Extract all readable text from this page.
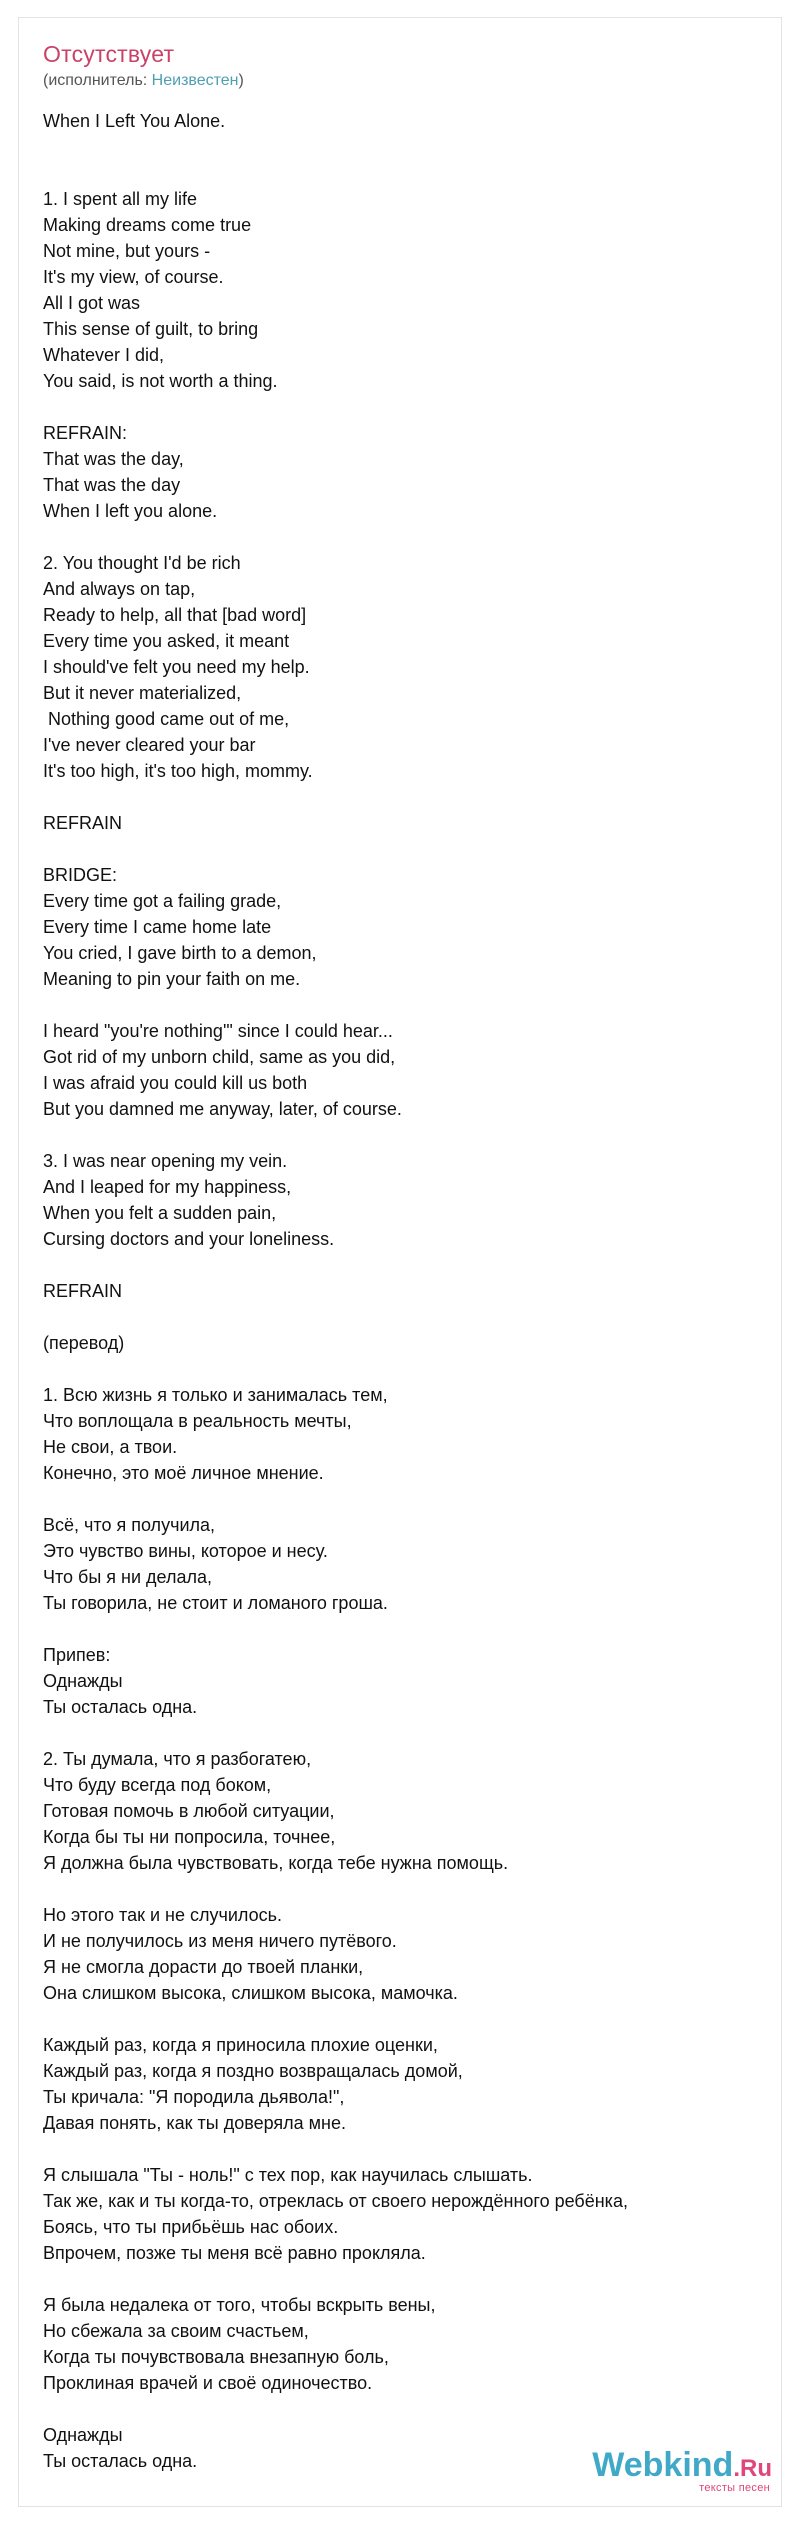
Отсутствует
(исполнитель: Неизвестен)
When I Left You Alone.
1. I spent all my life
Making dreams come true
Not mine, but yours -
It's my view, of course.
All I got was
This sense of guilt, to bring
Whatever I did,
You said, is not worth a thing.
REFRAIN:
That was the day,
That was the day
When I left you alone.
2. You thought I'd be rich
And always on tap,
Ready to help, all that [bad word]
Every time you asked, it meant
I should've felt you need my help.
But it never materialized,
Nothing good came out of me,
I've never cleared your bar
It's too high, it's too high, mommy.
REFRAIN
BRIDGE:
Every time got a failing grade,
Every time I came home late
You cried, I gave birth to a demon,
Meaning to pin your faith on me.
I heard "you're nothing'" since I could hear...
Got rid of my unborn child, same as you did,
I was afraid you could kill us both
But you damned me anyway, later, of course.
3. I was near opening my vein.
And I leaped for my happiness,
When you felt a sudden pain,
Cursing doctors and your loneliness.
REFRAIN
(перевод)
1. Всю жизнь я только и занималась тем,
Что воплощала в реальность мечты,
Не свои, а твои.
Конечно, это моё личное мнение.
Всё, что я получила,
Это чувство вины, которое и несу.
Что бы я ни делала,
Ты говорила, не стоит и ломаного гроша.
Припев:
Однажды
Ты осталась одна.
2. Ты думала, что я разбогатею,
Что буду всегда под боком,
Готовая помочь в любой ситуации,
Когда бы ты ни попросила, точнее,
Я должна была чувствовать, когда тебе нужна помощь.
Но этого так и не случилось.
И не получилось из меня ничего путёвого.
Я не смогла дорасти до твоей планки,
Она слишком высока, слишком высока, мамочка.
Каждый раз, когда я приносила плохие оценки,
Каждый раз, когда я поздно возвращалась домой,
Ты кричала: "Я породила дьявола!",
Давая понять, как ты доверяла мне.
Я слышала "Ты - ноль!" с тех пор, как научилась слышать.
Так же, как и ты когда-то, отреклась от своего нерождённого ребёнка,
Боясь, что ты прибьёшь нас обоих.
Впрочем, позже ты меня всё равно прокляла.
Я была недалека от того, чтобы вскрыть вены,
Но сбежала за своим счастьем,
Когда ты почувствовала внезапную боль,
Проклиная врачей и своё одиночество.
Однажды
Ты осталась одна.	Webkind.Ru
тексты песен
